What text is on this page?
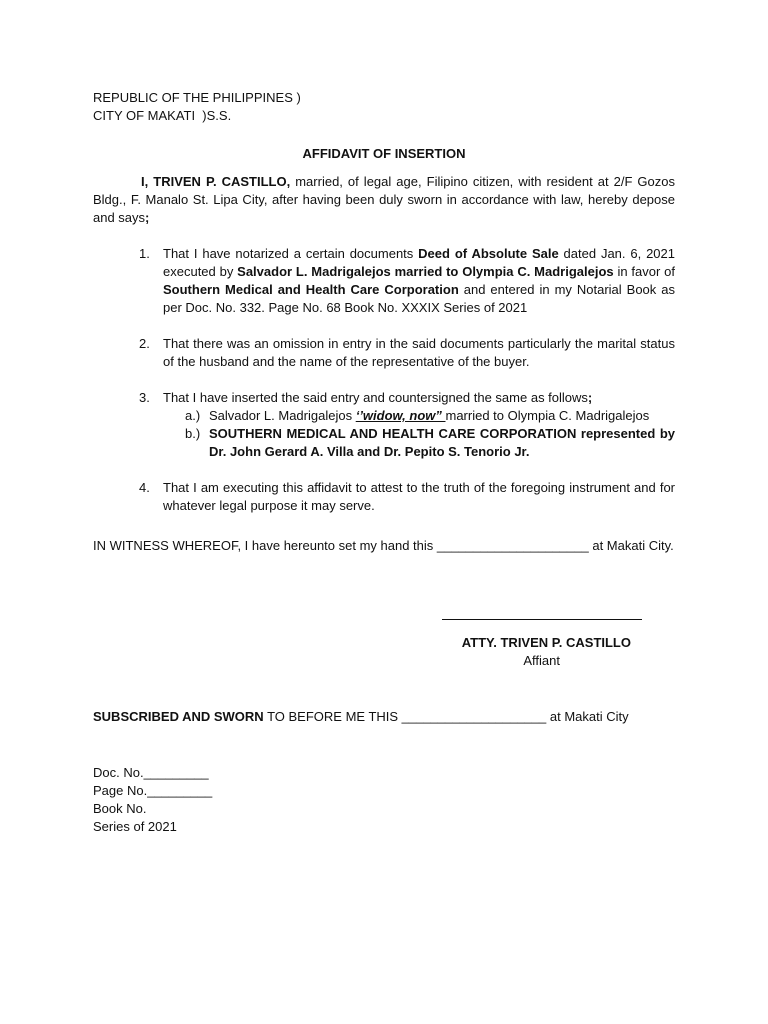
REPUBLIC OF THE PHILIPPINES )
CITY OF MAKATI  )S.S.
AFFIDAVIT OF INSERTION
I, TRIVEN P. CASTILLO, married, of legal age, Filipino citizen, with resident at 2/F Gozos Bldg., F. Manalo St. Lipa City, after having been duly sworn in accordance with law, hereby depose and says;
1. That I have notarized a certain documents Deed of Absolute Sale dated Jan. 6, 2021 executed by Salvador L. Madrigalejos married to Olympia C. Madrigalejos in favor of Southern Medical and Health Care Corporation and entered in my Notarial Book as per Doc. No. 332. Page No. 68 Book No. XXXIX Series of 2021
2. That there was an omission in entry in the said documents particularly the marital status of the husband and the name of the representative of the buyer.
3. That I have inserted the said entry and countersigned the same as follows;
a.) Salvador L. Madrigalejos ‘’widow, now” married to Olympia C. Madrigalejos
b.) SOUTHERN MEDICAL AND HEALTH CARE CORPORATION represented by Dr. John Gerard A. Villa and Dr. Pepito S. Tenorio Jr.
4. That I am executing this affidavit to attest to the truth of the foregoing instrument and for whatever legal purpose it may serve.
IN WITNESS WHEREOF, I have hereunto set my hand this _____________________ at Makati City.
ATTY. TRIVEN P. CASTILLO
Affiant
SUBSCRIBED AND SWORN TO BEFORE ME THIS ____________________ at Makati City
Doc. No._________
Page No._________
Book No.
Series of 2021
